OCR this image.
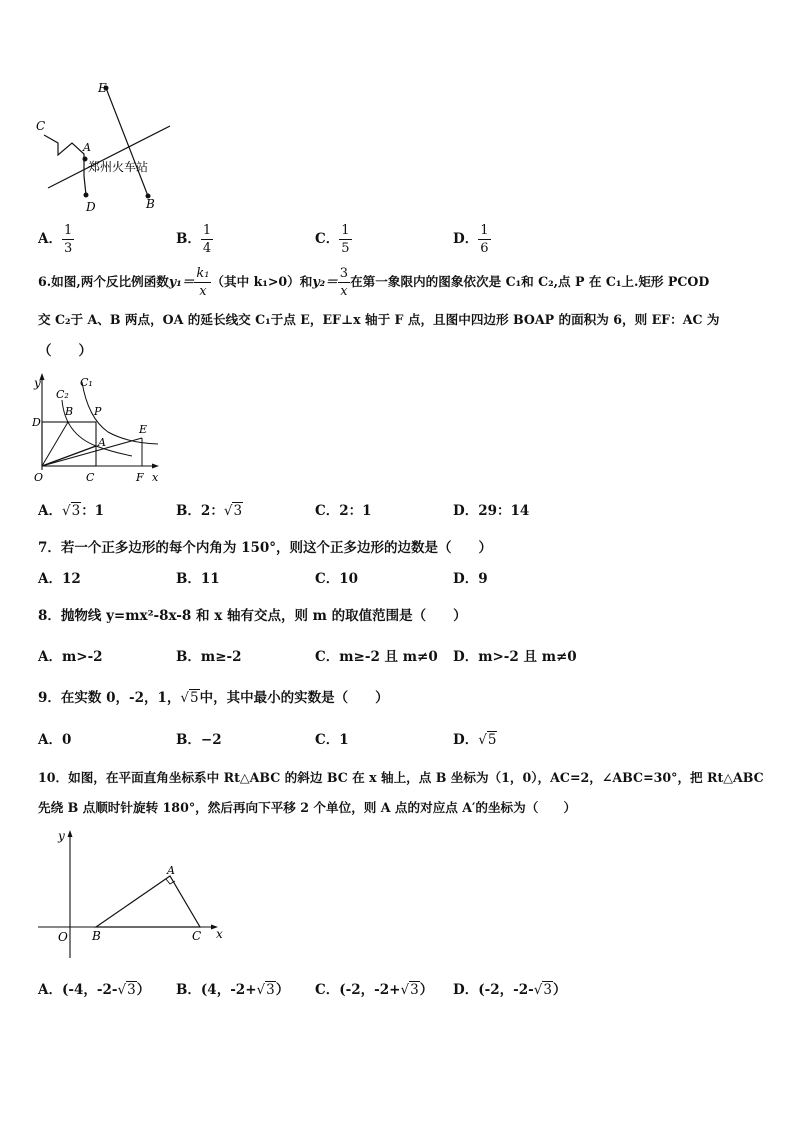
E
C
A
D	B
郑州火车站
A． $\frac{1}{3}$	B． $\frac{1}{4}$	C． $\frac{1}{5}$	D． $\frac{1}{6}$
6.如图,两个反比例函数$y_1= \frac{\text{k₁}}{x}$ （其中 k₁>0）和$y_2= \frac{3}{x}$ 在第一象限内的图象依次是 C₁和 C₂,点 P 在 C₁上.矩形 PCOD
交 C₂于 A、B 两点，OA 的延长线交 C₁于点 E，EF⊥x 轴于 F 点，且图中四边形 BOAP 的面积为 6，则 EF：AC 为
（　　）
y
C₂
C₁
B P
D
E
A
O	C	F x
A．√3：1	B．2：√3	C．2：1	D．29：14
7．若一个正多边形的每个内角为 150°，则这个正多边形的边数是（　　）
A．12	B．11	C．10	D．9
8．抛物线 y=mx²-8x-8 和 x 轴有交点，则 m 的取值范围是（　　）
A．m>-2	B．m≥-2	C．m≥-2 且 m≠0 D．m>-2 且 m≠0
9．在实数 0，-2，1，√5中，其中最小的实数是（　　）
A．0	B．−2	C．1	D．√5
10．如图，在平面直角坐标系中 Rt△ABC 的斜边 BC 在 x 轴上，点 B 坐标为（1，0），AC=2，∠ABC=30°，把 Rt△ABC
先绕 B 点顺时针旋转 180°，然后再向下平移 2 个单位，则 A 点的对应点 A′的坐标为（　　）
y
A
O B	C x
A．(-4，-2-√3） B．(4，-2+√3） C．(-2，-2+√3） D．(-2，-2-√3）
